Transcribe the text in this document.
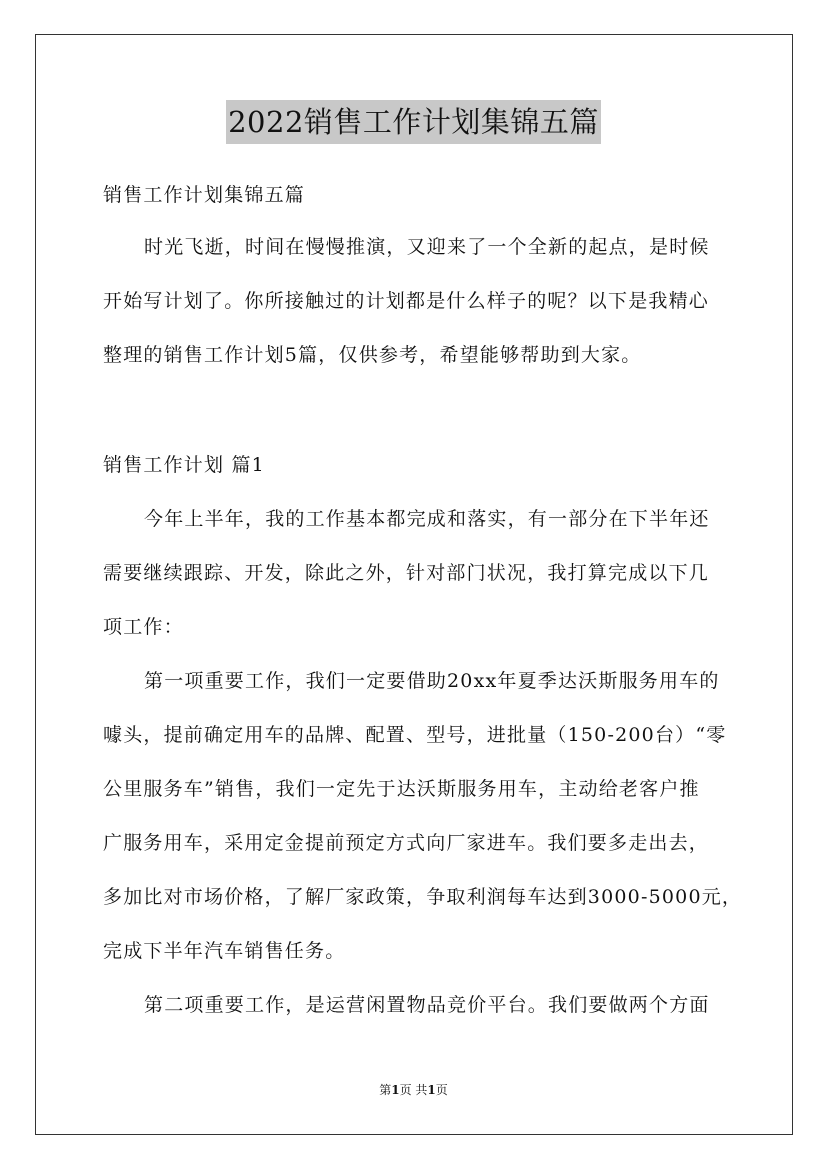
2022销售工作计划集锦五篇
销售工作计划集锦五篇
时光飞逝，时间在慢慢推演，又迎来了一个全新的起点，是时候
开始写计划了。你所接触过的计划都是什么样子的呢？以下是我精心
整理的销售工作计划5篇，仅供参考，希望能够帮助到大家。
销售工作计划 篇1
今年上半年，我的工作基本都完成和落实，有一部分在下半年还
需要继续跟踪、开发，除此之外，针对部门状况，我打算完成以下几
项工作：
第一项重要工作，我们一定要借助20xx年夏季达沃斯服务用车的
噱头，提前确定用车的品牌、配置、型号，进批量（150-200台）“零
公里服务车”销售，我们一定先于达沃斯服务用车，主动给老客户推
广服务用车，采用定金提前预定方式向厂家进车。我们要多走出去，
多加比对市场价格，了解厂家政策，争取利润每车达到3000-5000元，
完成下半年汽车销售任务。
第二项重要工作，是运营闲置物品竞价平台。我们要做两个方面
第1页 共1页
